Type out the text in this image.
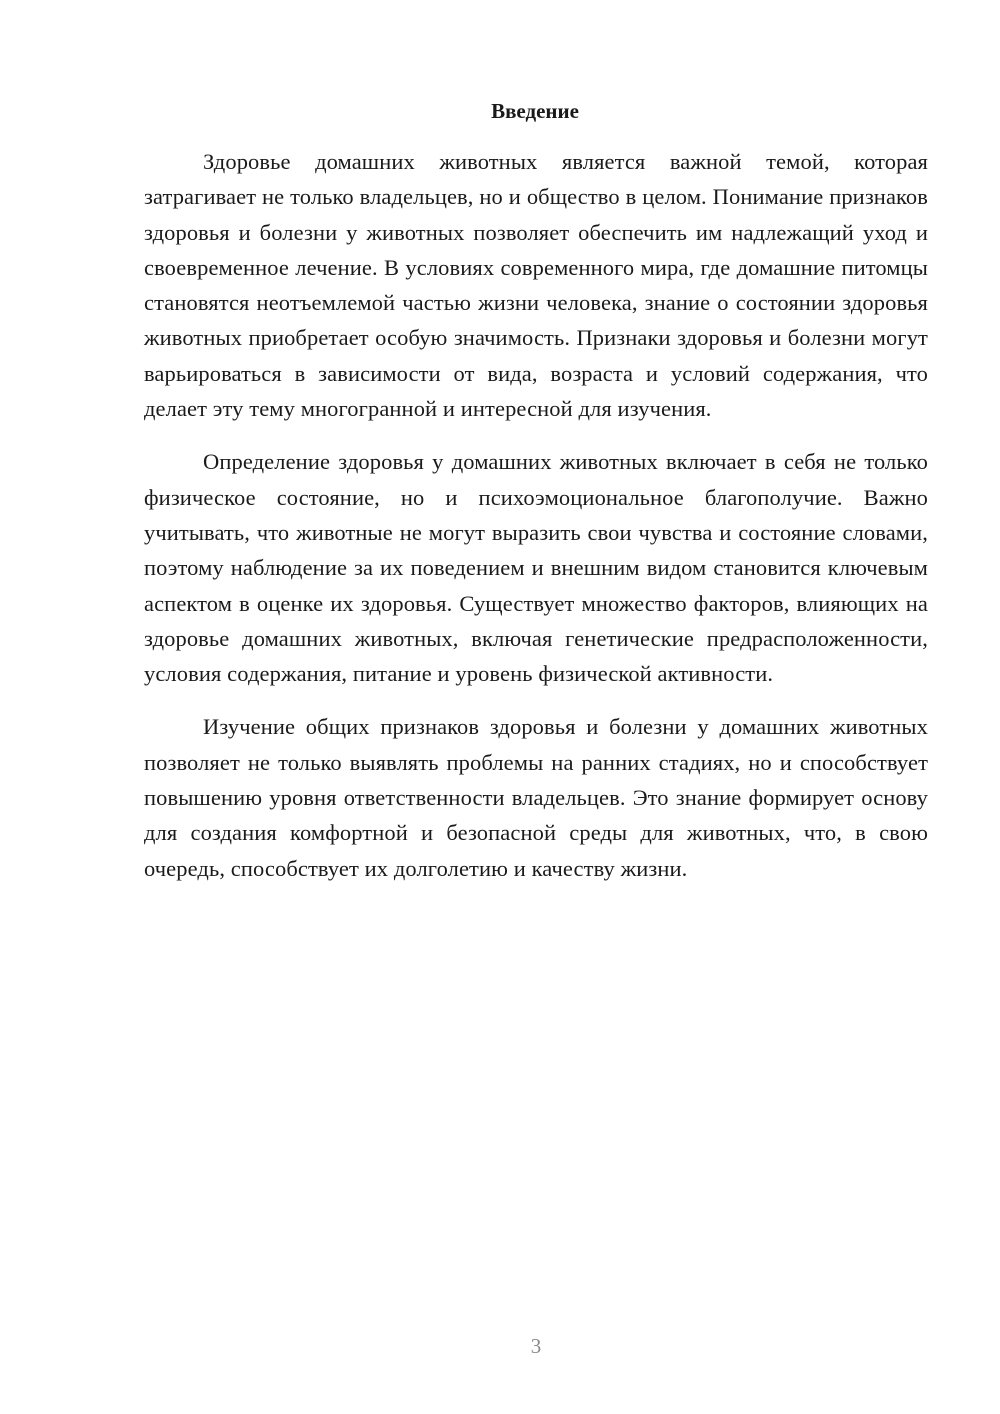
Введение

Здоровье домашних животных является важной темой, которая затрагивает не только владельцев, но и общество в целом. Понимание признаков здоровья и болезни у животных позволяет обеспечить им надлежащий уход и своевременное лечение. В условиях современного мира, где домашние питомцы становятся неотъемлемой частью жизни человека, знание о состоянии здоровья животных приобретает особую значимость. Признаки здоровья и болезни могут варьироваться в зависимости от вида, возраста и условий содержания, что делает эту тему многогранной и интересной для изучения.

Определение здоровья у домашних животных включает в себя не только физическое состояние, но и психоэмоциональное благополучие. Важно учитывать, что животные не могут выразить свои чувства и состояние словами, поэтому наблюдение за их поведением и внешним видом становится ключевым аспектом в оценке их здоровья. Существует множество факторов, влияющих на здоровье домашних животных, включая генетические предрасположенности, условия содержания, питание и уровень физической активности.

Изучение общих признаков здоровья и болезни у домашних животных позволяет не только выявлять проблемы на ранних стадиях, но и способствует повышению уровня ответственности владельцев. Это знание формирует основу для создания комфортной и безопасной среды для животных, что, в свою очередь, способствует их долголетию и качеству жизни.

3
